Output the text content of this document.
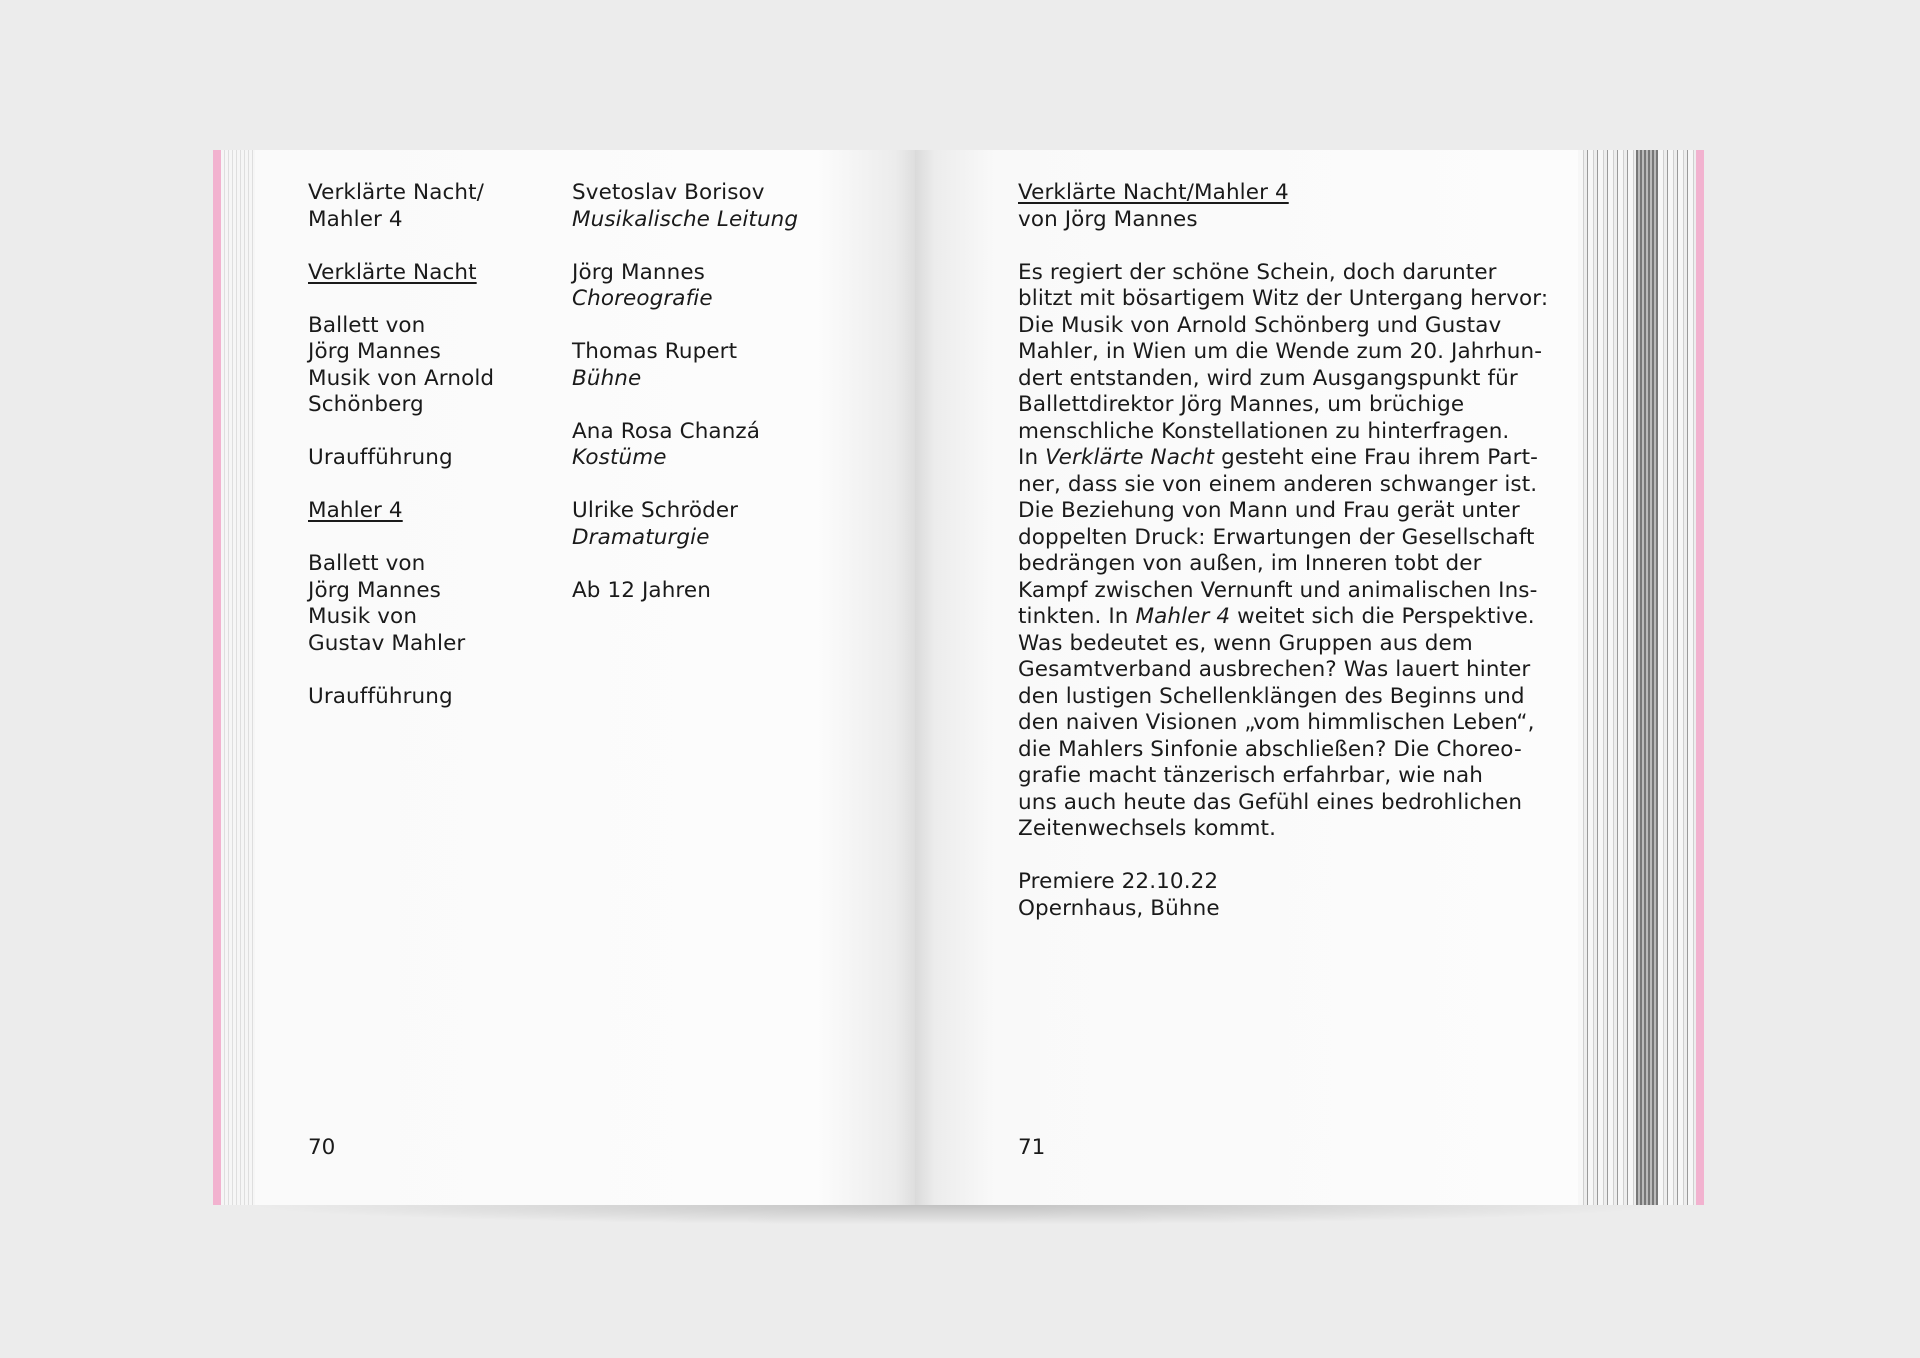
Verklärte Nacht/
Mahler 4
Verklärte Nacht
Ballett von
Jörg Mannes
Musik von Arnold
Schönberg
Uraufführung
Mahler 4
Ballett von
Jörg Mannes
Musik von
Gustav Mahler
Uraufführung
Svetoslav Borisov
Musikalische Leitung
Jörg Mannes
Choreografie
Thomas Rupert
Bühne
Ana Rosa Chanzá
Kostüme
Ulrike Schröder
Dramaturgie
Ab 12 Jahren
70
Verklärte Nacht/Mahler 4
von Jörg Mannes
Es regiert der schöne Schein, doch darunter
blitzt mit bösartigem Witz der Untergang hervor:
Die Musik von Arnold Schönberg und Gustav
Mahler, in Wien um die Wende zum 20. Jahrhun-
dert entstanden, wird zum Ausgangspunkt für
Ballettdirektor Jörg Mannes, um brüchige
menschliche Konstellationen zu hinterfragen.
In Verklärte Nacht gesteht eine Frau ihrem Part-
ner, dass sie von einem anderen schwanger ist.
Die Beziehung von Mann und Frau gerät unter
doppelten Druck: Erwartungen der Gesellschaft
bedrängen von außen, im Inneren tobt der
Kampf zwischen Vernunft und animalischen Ins-
tinkten. In Mahler 4 weitet sich die Perspektive.
Was bedeutet es, wenn Gruppen aus dem
Gesamtverband ausbrechen? Was lauert hinter
den lustigen Schellenklängen des Beginns und
den naiven Visionen „vom himmlischen Leben“,
die Mahlers Sinfonie abschließen? Die Choreo-
grafie macht tänzerisch erfahrbar, wie nah
uns auch heute das Gefühl eines bedrohlichen
Zeitenwechsels kommt.
Premiere 22.10.22
Opernhaus, Bühne
71
